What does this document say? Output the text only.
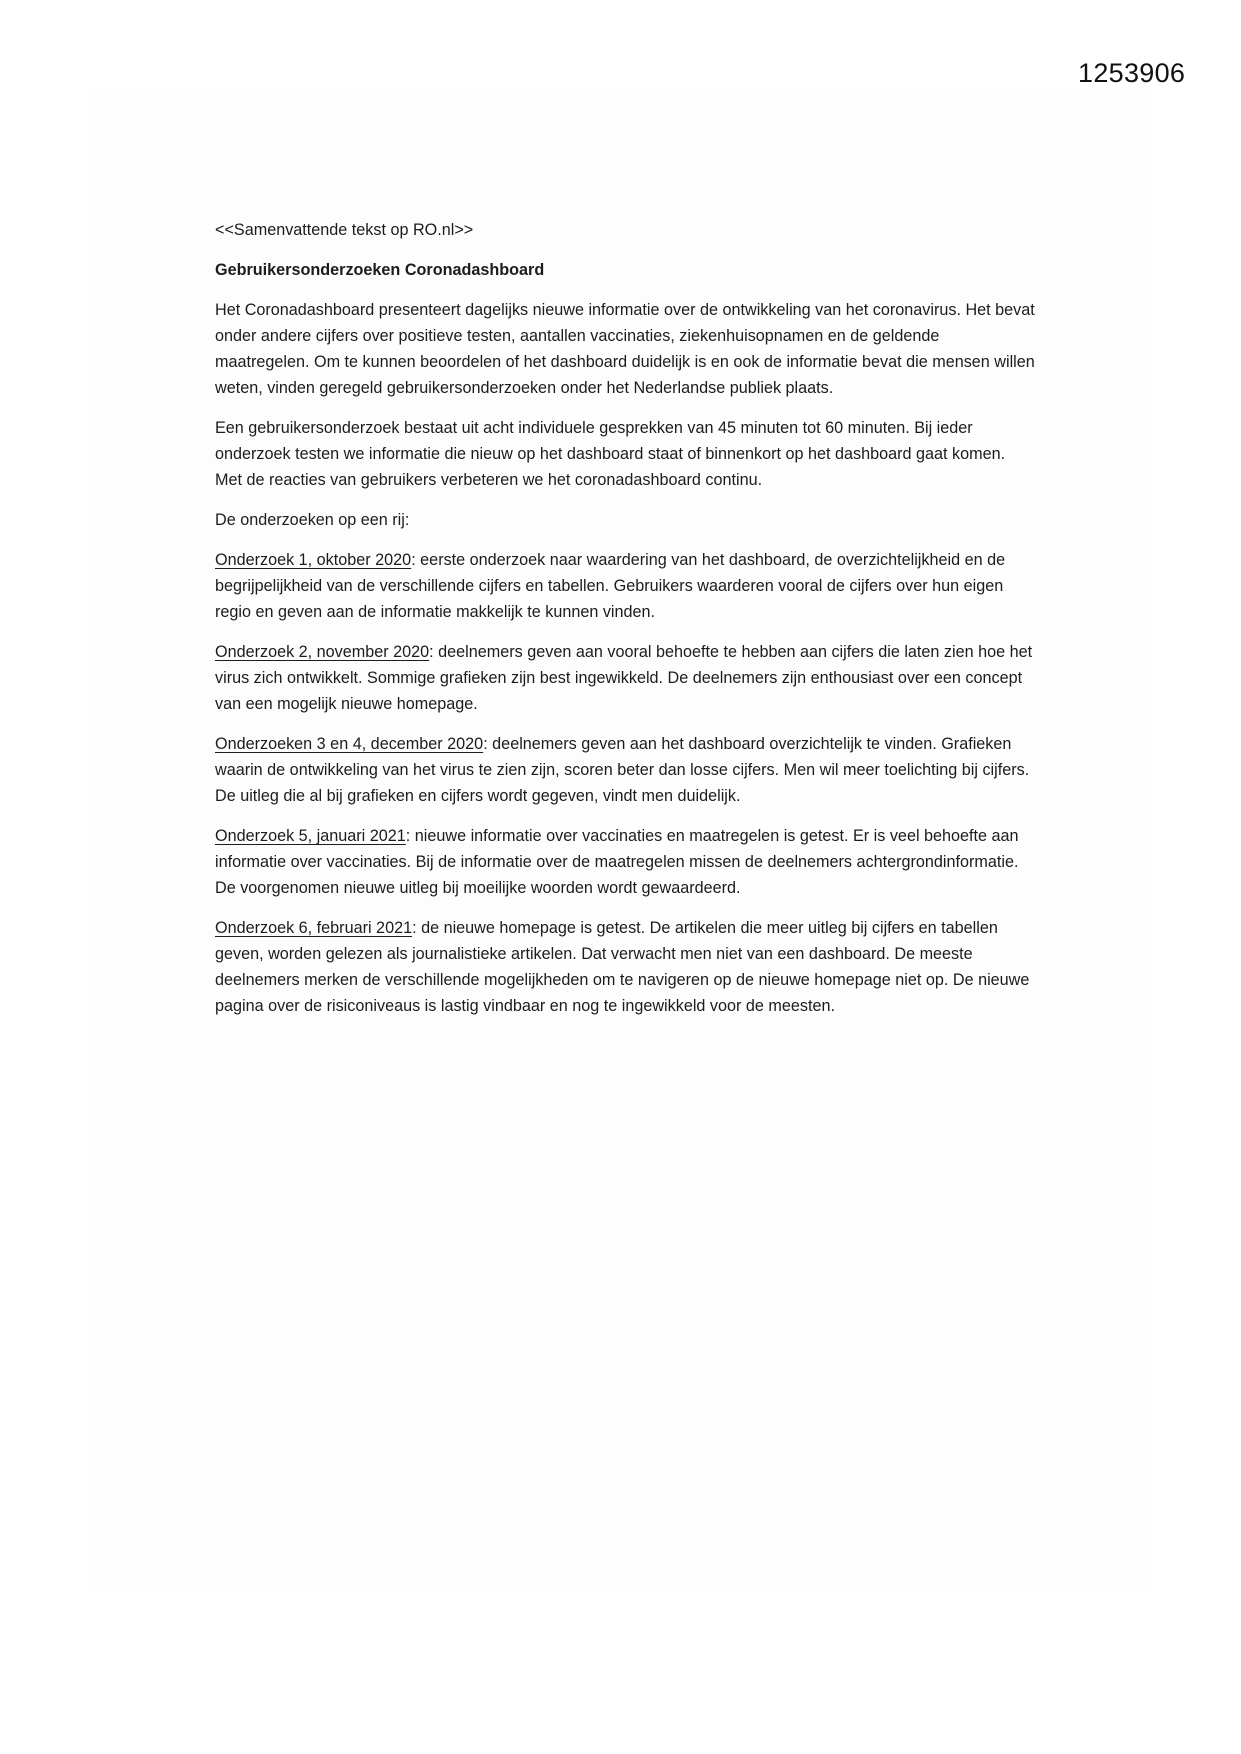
1253906

<<Samenvattende tekst op RO.nl>>

Gebruikersonderzoeken Coronadashboard

Het Coronadashboard presenteert dagelijks nieuwe informatie over de ontwikkeling van het coronavirus. Het bevat onder andere cijfers over positieve testen, aantallen vaccinaties, ziekenhuisopnamen en de geldende maatregelen. Om te kunnen beoordelen of het dashboard duidelijk is en ook de informatie bevat die mensen willen weten, vinden geregeld gebruikersonderzoeken onder het Nederlandse publiek plaats.

Een gebruikersonderzoek bestaat uit acht individuele gesprekken van 45 minuten tot 60 minuten. Bij ieder onderzoek testen we informatie die nieuw op het dashboard staat of binnenkort op het dashboard gaat komen. Met de reacties van gebruikers verbeteren we het coronadashboard continu.

De onderzoeken op een rij:

Onderzoek 1, oktober 2020: eerste onderzoek naar waardering van het dashboard, de overzichtelijkheid en de begrijpelijkheid van de verschillende cijfers en tabellen. Gebruikers waarderen vooral de cijfers over hun eigen regio en geven aan de informatie makkelijk te kunnen vinden.

Onderzoek 2, november 2020: deelnemers geven aan vooral behoefte te hebben aan cijfers die laten zien hoe het virus zich ontwikkelt. Sommige grafieken zijn best ingewikkeld. De deelnemers zijn enthousiast over een concept van een mogelijk nieuwe homepage.

Onderzoeken 3 en 4, december 2020: deelnemers geven aan het dashboard overzichtelijk te vinden. Grafieken waarin de ontwikkeling van het virus te zien zijn, scoren beter dan losse cijfers. Men wil meer toelichting bij cijfers. De uitleg die al bij grafieken en cijfers wordt gegeven, vindt men duidelijk.

Onderzoek 5, januari 2021: nieuwe informatie over vaccinaties en maatregelen is getest. Er is veel behoefte aan informatie over vaccinaties. Bij de informatie over de maatregelen missen de deelnemers achtergrondinformatie. De voorgenomen nieuwe uitleg bij moeilijke woorden wordt gewaardeerd.

Onderzoek 6, februari 2021: de nieuwe homepage is getest. De artikelen die meer uitleg bij cijfers en tabellen geven, worden gelezen als journalistieke artikelen. Dat verwacht men niet van een dashboard. De meeste deelnemers merken de verschillende mogelijkheden om te navigeren op de nieuwe homepage niet op. De nieuwe pagina over de risiconiveaus is lastig vindbaar en nog te ingewikkeld voor de meesten.
